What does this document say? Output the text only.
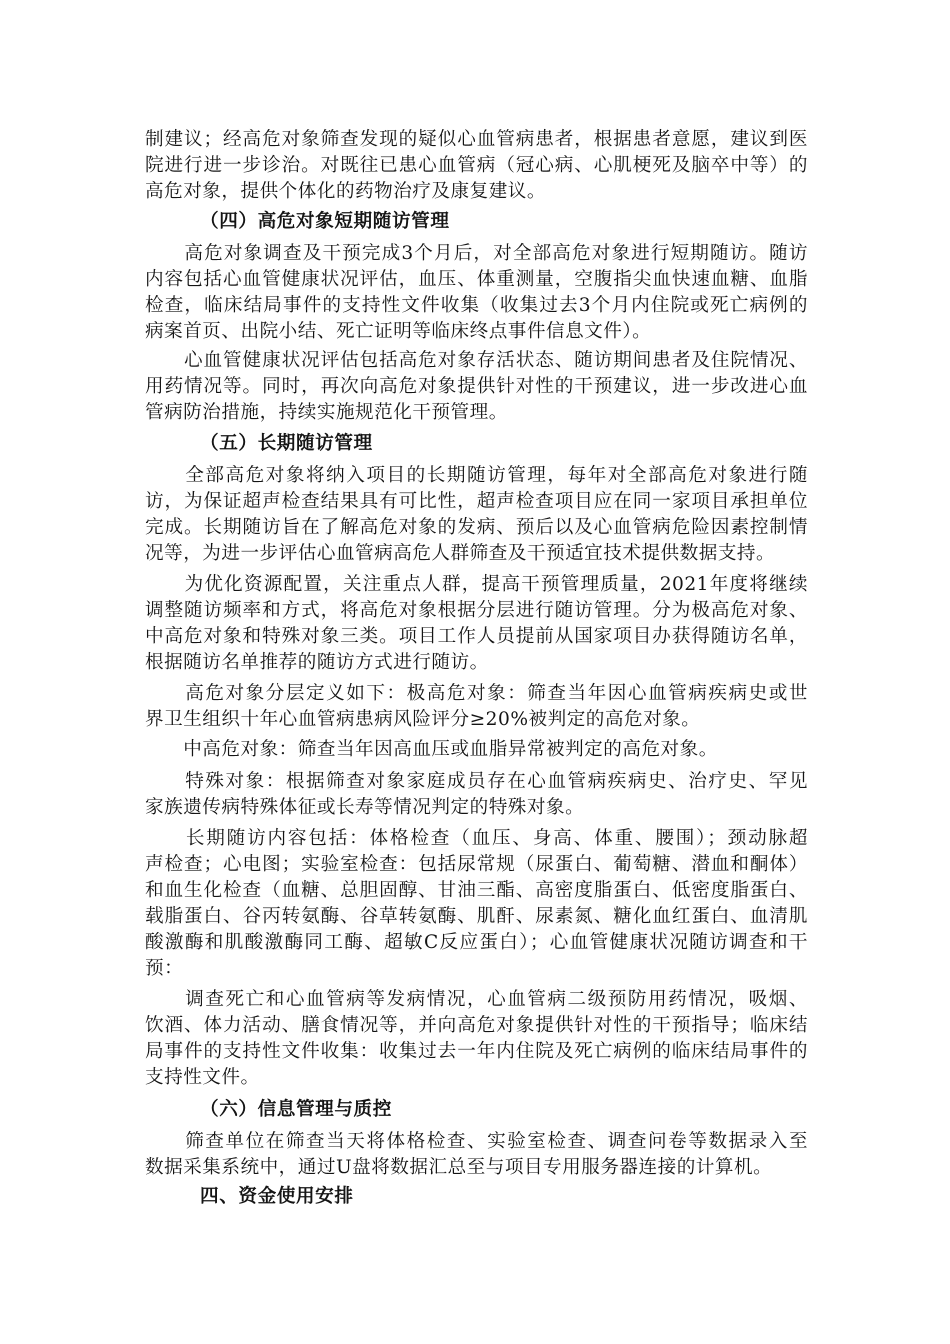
制建议；经高危对象筛查发现的疑似心血管病患者，根据患者意愿，建议到医
院进行进一步诊治。对既往已患心血管病（冠心病、心肌梗死及脑卒中等）的
高危对象，提供个体化的药物治疗及康复建议。
（四）高危对象短期随访管理
　　高危对象调查及干预完成3个月后，对全部高危对象进行短期随访。随访
内容包括心血管健康状况评估，血压、体重测量，空腹指尖血快速血糖、血脂
检查，临床结局事件的支持性文件收集（收集过去3个月内住院或死亡病例的
病案首页、出院小结、死亡证明等临床终点事件信息文件）。
　　心血管健康状况评估包括高危对象存活状态、随访期间患者及住院情况、
用药情况等。同时，再次向高危对象提供针对性的干预建议，进一步改进心血
管病防治措施，持续实施规范化干预管理。
（五）长期随访管理
　　全部高危对象将纳入项目的长期随访管理，每年对全部高危对象进行随
访，为保证超声检查结果具有可比性，超声检查项目应在同一家项目承担单位
完成。长期随访旨在了解高危对象的发病、预后以及心血管病危险因素控制情
况等，为进一步评估心血管病高危人群筛查及干预适宜技术提供数据支持。
　　为优化资源配置，关注重点人群，提高干预管理质量，2021年度将继续
调整随访频率和方式，将高危对象根据分层进行随访管理。分为极高危对象、
中高危对象和特殊对象三类。项目工作人员提前从国家项目办获得随访名单，
根据随访名单推荐的随访方式进行随访。
　　高危对象分层定义如下：极高危对象：筛查当年因心血管病疾病史或世
界卫生组织十年心血管病患病风险评分≥20%被判定的高危对象。
　　中高危对象：筛查当年因高血压或血脂异常被判定的高危对象。
　　特殊对象：根据筛查对象家庭成员存在心血管病疾病史、治疗史、罕见
家族遗传病特殊体征或长寿等情况判定的特殊对象。
　　长期随访内容包括：体格检查（血压、身高、体重、腰围）；颈动脉超
声检查；心电图；实验室检查：包括尿常规（尿蛋白、葡萄糖、潜血和酮体）
和血生化检查（血糖、总胆固醇、甘油三酯、高密度脂蛋白、低密度脂蛋白、
载脂蛋白、谷丙转氨酶、谷草转氨酶、肌酐、尿素氮、糖化血红蛋白、血清肌
酸激酶和肌酸激酶同工酶、超敏C反应蛋白）；心血管健康状况随访调查和干
预：
　　调查死亡和心血管病等发病情况，心血管病二级预防用药情况，吸烟、
饮酒、体力活动、膳食情况等，并向高危对象提供针对性的干预指导；临床结
局事件的支持性文件收集：收集过去一年内住院及死亡病例的临床结局事件的
支持性文件。
（六）信息管理与质控
　　筛查单位在筛查当天将体格检查、实验室检查、调查问卷等数据录入至
数据采集系统中，通过U盘将数据汇总至与项目专用服务器连接的计算机。
四、资金使用安排
